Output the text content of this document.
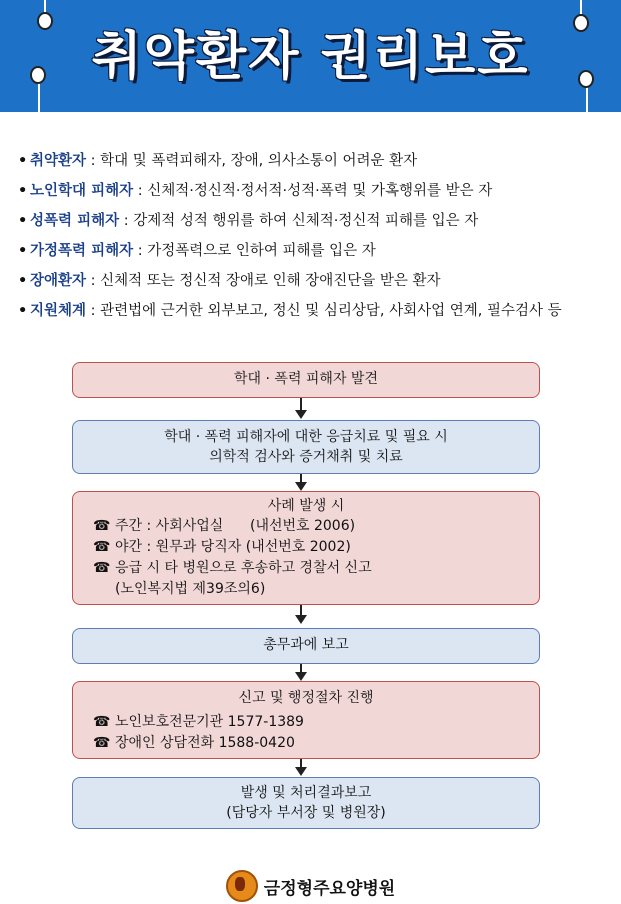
취약환자 권리보호
• 취약환자 : 학대 및 폭력피해자, 장애, 의사소통이 어려운 환자
• 노인학대 피해자 : 신체적·정신적·정서적·성적·폭력 및 가혹행위를 받은 자
• 성폭력 피해자 : 강제적 성적 행위를 하여 신체적·정신적 피해를 입은 자
• 가정폭력 피해자 : 가정폭력으로 인하여 피해를 입은 자
• 장애환자 : 신체적 또는 정신적 장애로 인해 장애진단을 받은 환자
• 지원체계 : 관련법에 근거한 외부보고, 정신 및 심리상담, 사회사업 연계, 필수검사 등
학대 · 폭력 피해자 발견
학대 · 폭력 피해자에 대한 응급치료 및 필요 시
의학적 검사와 증거채취 및 치료
사례 발생 시
☎ 주간 : 사회사업실      (내선번호 2006)
☎ 야간 : 원무과 당직자 (내선번호 2002)
☎ 응급 시 타 병원으로 후송하고 경찰서 신고
(노인복지법 제39조의6)
총무과에 보고
신고 및 행정절차 진행
☎ 노인보호전문기관 1577-1389
☎ 장애인 상담전화 1588-0420
발생 및 처리결과보고
(담당자 부서장 및 병원장)
금정형주요양병원
